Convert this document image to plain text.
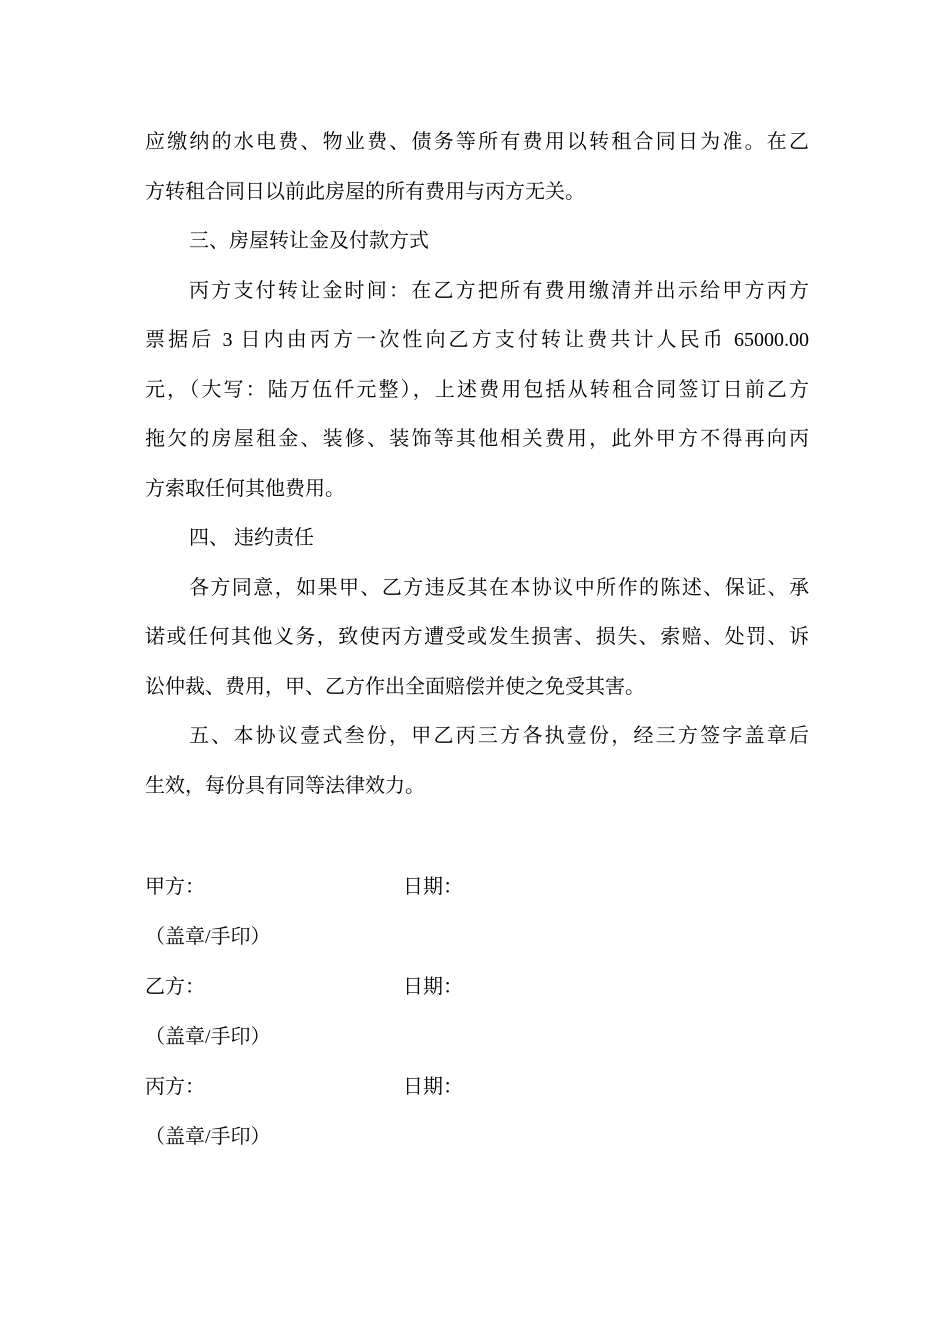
应缴纳的水电费、物业费、债务等所有费用以转租合同日为准。在乙
方转租合同日以前此房屋的所有费用与丙方无关。
三、房屋转让金及付款方式
丙方支付转让金时间：在乙方把所有费用缴清并出示给甲方丙方
票据后 3 日内由丙方一次性向乙方支付转让费共计人民币 65000.00
元，（大写：陆万伍仟元整），上述费用包括从转租合同签订日前乙方
拖欠的房屋租金、装修、装饰等其他相关费用，此外甲方不得再向丙
方索取任何其他费用。
四、 违约责任
各方同意，如果甲、乙方违反其在本协议中所作的陈述、保证、承
诺或任何其他义务，致使丙方遭受或发生损害、损失、索赔、处罚、诉
讼仲裁、费用，甲、乙方作出全面赔偿并使之免受其害。
五、本协议壹式叁份，甲乙丙三方各执壹份，经三方签字盖章后
生效，每份具有同等法律效力。
甲方：	日期：
（盖章/手印）
乙方：	日期：
（盖章/手印）
丙方：	日期：
（盖章/手印）
